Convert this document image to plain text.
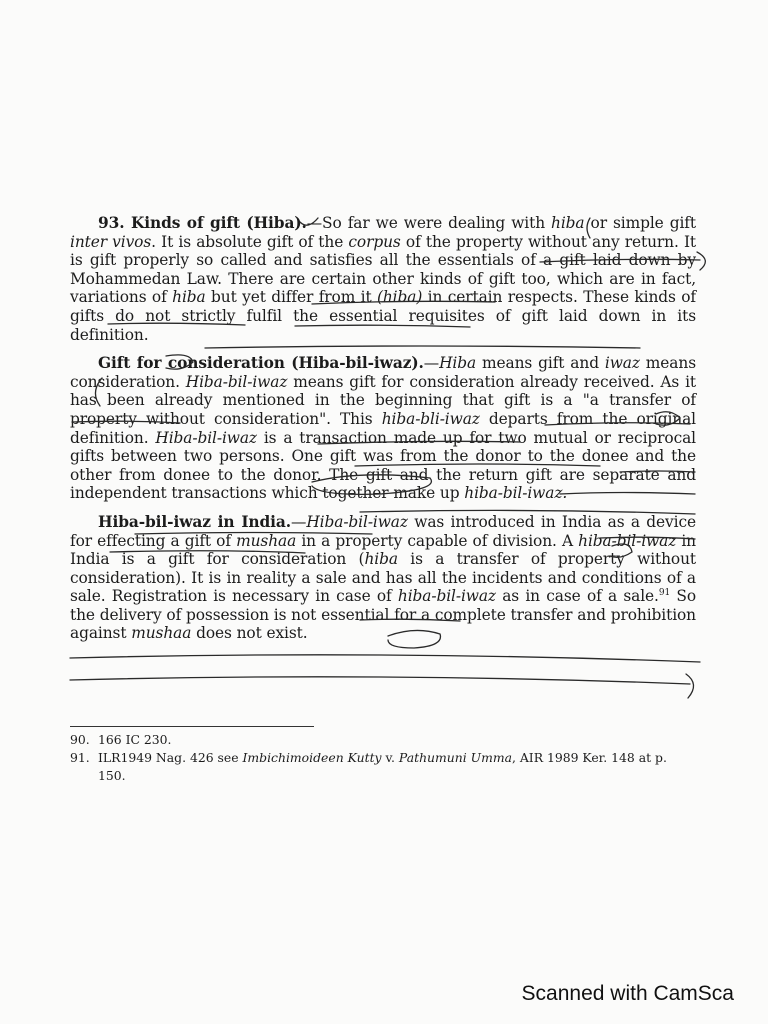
93. Kinds of gift (Hiba).—So far we were dealing with hiba or simple gift inter vivos. It is absolute gift of the corpus of the property without any return. It is gift properly so called and satisfies all the essentials of a gift laid down by Mohammedan Law. There are certain other kinds of gift too, which are in fact, variations of hiba but yet differ from it (hiba) in certain respects. These kinds of gifts do not strictly fulfil the essential requisites of gift laid down in its definition.

Gift for consideration (Hiba-bil-iwaz).—Hiba means gift and iwaz means consideration. Hiba-bil-iwaz means gift for consideration already received. As it has been already mentioned in the beginning that gift is a "a transfer of property without consideration". This hiba-bli-iwaz departs from the original definition. Hiba-bil-iwaz is a transaction made up for two mutual or reciprocal gifts between two persons. One gift was from the donor to the donee and the other from donee to the donor. The gift and the return gift are separate and independent transactions which together make up hiba-bil-iwaz.

Hiba-bil-iwaz in India.—Hiba-bil-iwaz was introduced in India as a device for effecting a gift of mushaa in a property capable of division. A hiba-bil-iwaz in India is a gift for consideration (hiba is a transfer of property without consideration). It is in reality a sale and has all the incidents and conditions of a sale. Registration is necessary in case of hiba-bil-iwaz as in case of a sale.$^{91}$ So the delivery of possession is not essential for a complete transfer and prohibition against mushaa does not exist.

90. 166 IC 230.
91. ILR1949 Nag. 426 see Imbichimoideen Kutty v. Pathumuni Umma, AIR 1989 Ker. 148 at p. 150.
Scanned with CamSca
